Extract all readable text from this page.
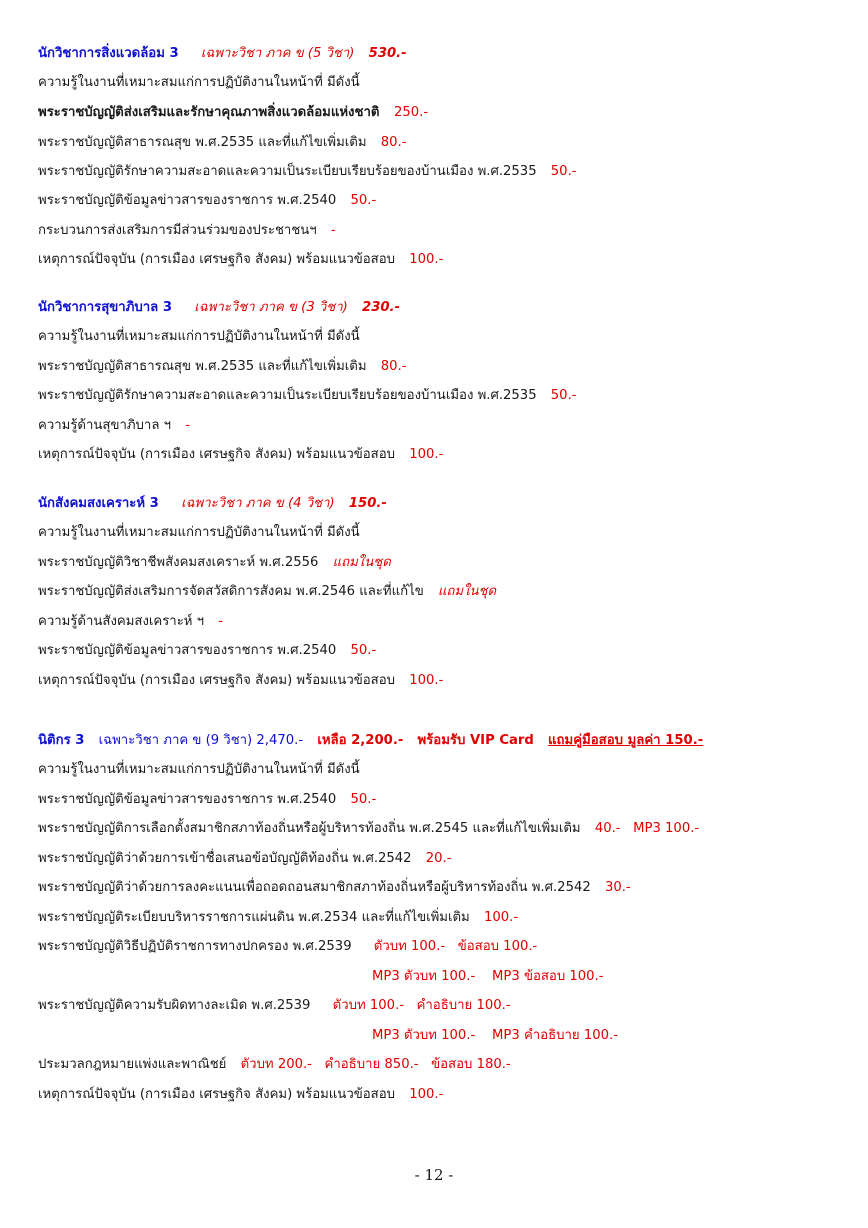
นักวิชาการสิ่งแวดล้อม 3 เฉพาะวิชา ภาค ข (5 วิชา) 530.-
ความรู้ในงานที่เหมาะสมแก่การปฏิบัติงานในหน้าที่ มีดังนี้
พระราชบัญญัติส่งเสริมและรักษาคุณภาพสิ่งแวดล้อมแห่งชาติ 250.-
พระราชบัญญัติสาธารณสุข พ.ศ.2535 และที่แก้ไขเพิ่มเติม 80.-
พระราชบัญญัติรักษาความสะอาดและความเป็นระเบียบเรียบร้อยของบ้านเมือง พ.ศ.2535 50.-
พระราชบัญญัติข้อมูลข่าวสารของราชการ พ.ศ.2540 50.-
กระบวนการส่งเสริมการมีส่วนร่วมของประชาชนฯ -
เหตุการณ์ปัจจุบัน (การเมือง เศรษฐกิจ สังคม) พร้อมแนวข้อสอบ 100.-
นักวิชาการสุขาภิบาล 3 เฉพาะวิชา ภาค ข (3 วิชา) 230.-
ความรู้ในงานที่เหมาะสมแก่การปฏิบัติงานในหน้าที่ มีดังนี้
พระราชบัญญัติสาธารณสุข พ.ศ.2535 และที่แก้ไขเพิ่มเติม 80.-
พระราชบัญญัติรักษาความสะอาดและความเป็นระเบียบเรียบร้อยของบ้านเมือง พ.ศ.2535 50.-
ความรู้ด้านสุขาภิบาล ฯ -
เหตุการณ์ปัจจุบัน (การเมือง เศรษฐกิจ สังคม) พร้อมแนวข้อสอบ 100.-
นักสังคมสงเคราะห์ 3 เฉพาะวิชา ภาค ข (4 วิชา) 150.-
ความรู้ในงานที่เหมาะสมแก่การปฏิบัติงานในหน้าที่ มีดังนี้
พระราชบัญญัติวิชาชีพสังคมสงเคราะห์ พ.ศ.2556 แถมในชุด
พระราชบัญญัติส่งเสริมการจัดสวัสดิการสังคม พ.ศ.2546 และที่แก้ไข แถมในชุด
ความรู้ด้านสังคมสงเคราะห์ ฯ -
พระราชบัญญัติข้อมูลข่าวสารของราชการ พ.ศ.2540 50.-
เหตุการณ์ปัจจุบัน (การเมือง เศรษฐกิจ สังคม) พร้อมแนวข้อสอบ 100.-
นิติกร 3 เฉพาะวิชา ภาค ข (9 วิชา) 2,470.- เหลือ 2,200.- พร้อมรับ VIP Card แถมคู่มือสอบ มูลค่า 150.-
ความรู้ในงานที่เหมาะสมแก่การปฏิบัติงานในหน้าที่ มีดังนี้
พระราชบัญญัติข้อมูลข่าวสารของราชการ พ.ศ.2540 50.-
พระราชบัญญัติการเลือกตั้งสมาชิกสภาท้องถิ่นหรือผู้บริหารท้องถิ่น พ.ศ.2545 และที่แก้ไขเพิ่มเติม 40.-   MP3 100.-
พระราชบัญญัติว่าด้วยการเข้าชื่อเสนอข้อบัญญัติท้องถิ่น พ.ศ.2542 20.-
พระราชบัญญัติว่าด้วยการลงคะแนนเพื่อถอดถอนสมาชิกสภาท้องถิ่นหรือผู้บริหารท้องถิ่น พ.ศ.2542 30.-
พระราชบัญญัติระเบียบบริหารราชการแผ่นดิน พ.ศ.2534 และที่แก้ไขเพิ่มเติม 100.-
พระราชบัญญัติวิธีปฏิบัติราชการทางปกครอง พ.ศ.2539 ตัวบท 100.-   ข้อสอบ 100.-
MP3 ตัวบท 100.-    MP3 ข้อสอบ 100.-
พระราชบัญญัติความรับผิดทางละเมิด พ.ศ.2539 ตัวบท 100.-   คำอธิบาย 100.-
MP3 ตัวบท 100.-    MP3 คำอธิบาย 100.-
ประมวลกฎหมายแพ่งและพาณิชย์ ตัวบท 200.-   คำอธิบาย 850.-   ข้อสอบ 180.-
เหตุการณ์ปัจจุบัน (การเมือง เศรษฐกิจ สังคม) พร้อมแนวข้อสอบ 100.-
- 12 -
